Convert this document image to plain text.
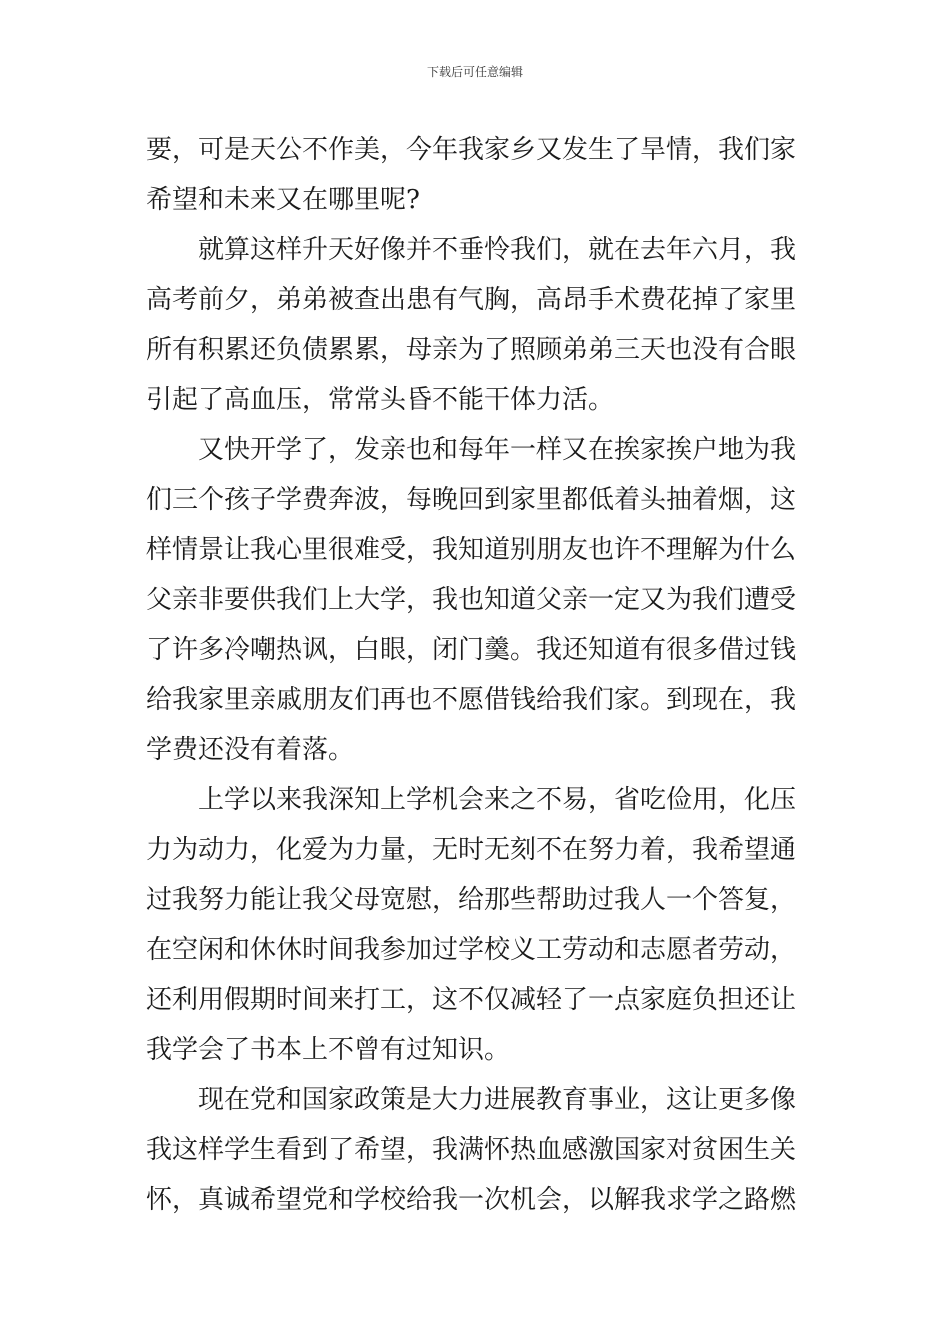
下载后可任意编辑
要，可是天公不作美，今年我家乡又发生了旱情，我们家
希望和未来又在哪里呢?
就算这样升天好像并不垂怜我们，就在去年六月，我
高考前夕，弟弟被查出患有气胸，高昂手术费花掉了家里
所有积累还负债累累，母亲为了照顾弟弟三天也没有合眼
引起了高血压，常常头昏不能干体力活。
又快开学了，发亲也和每年一样又在挨家挨户地为我
们三个孩子学费奔波，每晚回到家里都低着头抽着烟，这
样情景让我心里很难受，我知道别朋友也许不理解为什么
父亲非要供我们上大学，我也知道父亲一定又为我们遭受
了许多冷嘲热讽，白眼，闭门羹。我还知道有很多借过钱
给我家里亲戚朋友们再也不愿借钱给我们家。到现在，我
学费还没有着落。
上学以来我深知上学机会来之不易，省吃俭用，化压
力为动力，化爱为力量，无时无刻不在努力着，我希望通
过我努力能让我父母宽慰，给那些帮助过我人一个答复，
在空闲和休休时间我参加过学校义工劳动和志愿者劳动，
还利用假期时间来打工，这不仅减轻了一点家庭负担还让
我学会了书本上不曾有过知识。
现在党和国家政策是大力进展教育事业，这让更多像
我这样学生看到了希望，我满怀热血感激国家对贫困生关
怀，真诚希望党和学校给我一次机会，以解我求学之路燃
